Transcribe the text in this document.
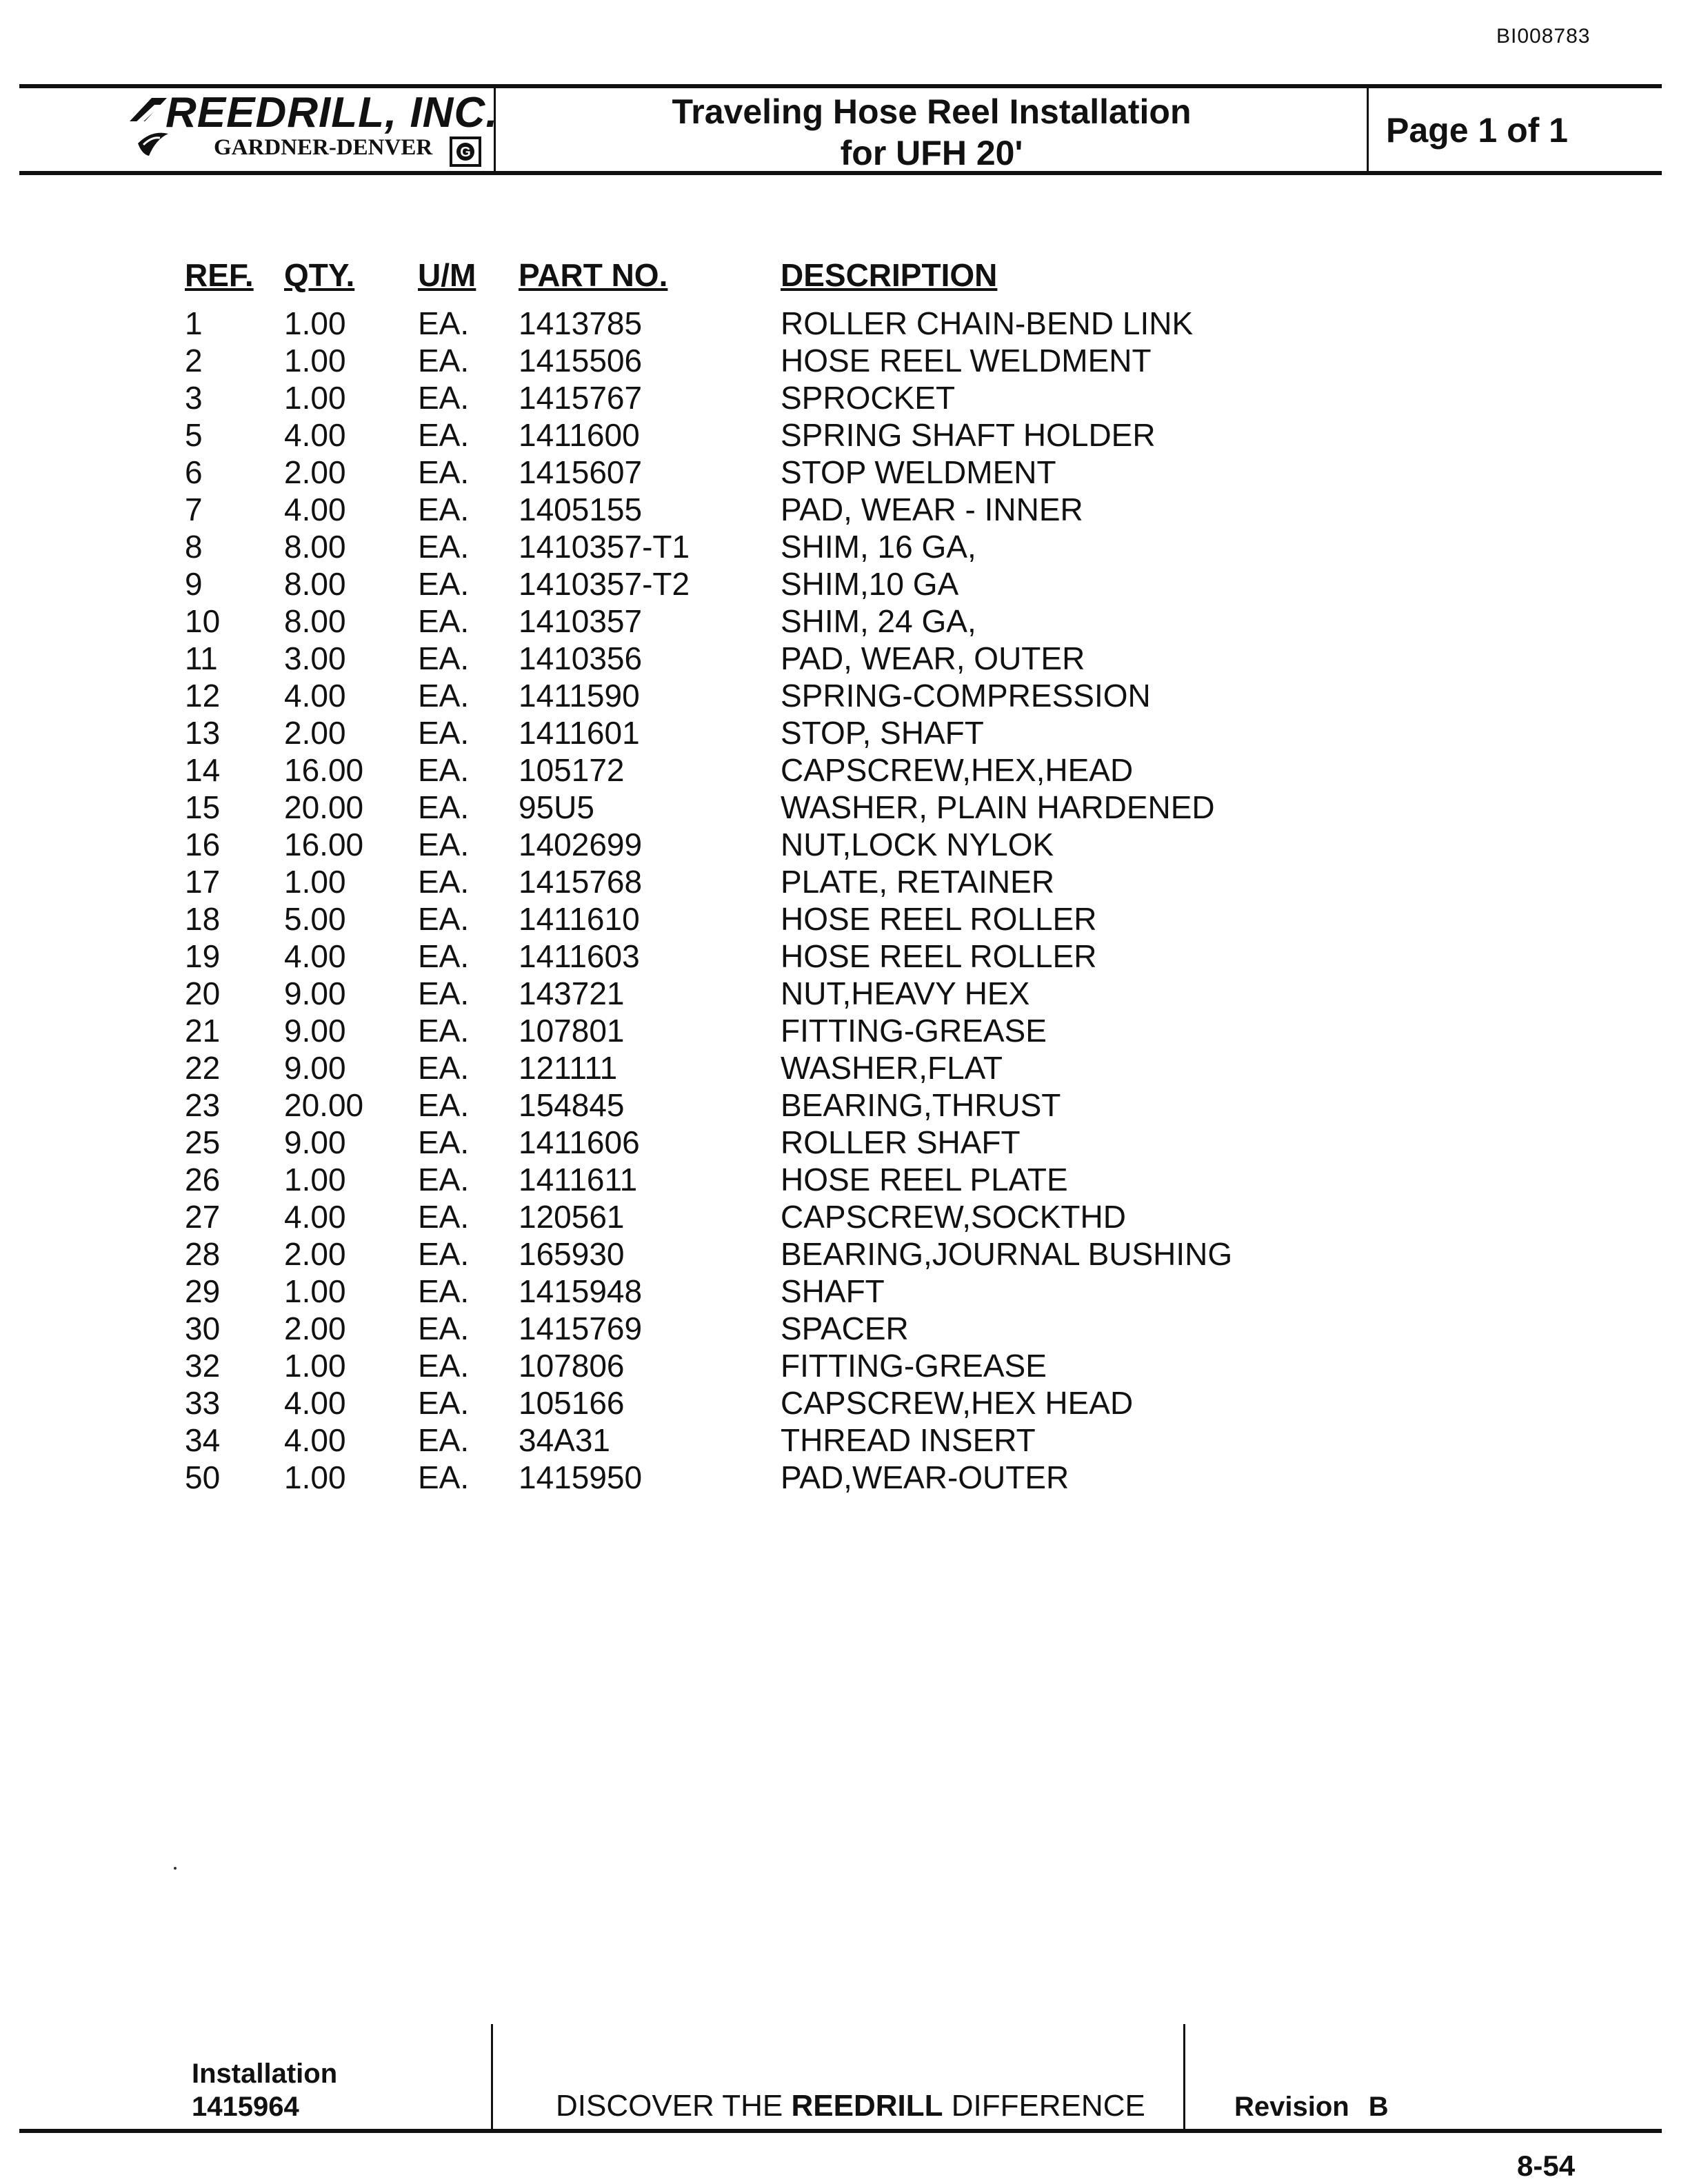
BI008783
REEDRILL, INC.
GARDNER-DENVER G
Traveling Hose Reel Installation
for UFH 20'
Page 1 of 1
REF.	QTY.	U/M	PART NO.	DESCRIPTION
1	1.00	EA.	1413785	ROLLER CHAIN-BEND LINK
2	1.00	EA.	1415506	HOSE REEL WELDMENT
3	1.00	EA.	1415767	SPROCKET
5	4.00	EA.	1411600	SPRING SHAFT HOLDER
6	2.00	EA.	1415607	STOP WELDMENT
7	4.00	EA.	1405155	PAD, WEAR - INNER
8	8.00	EA.	1410357-T1	SHIM, 16 GA,
9	8.00	EA.	1410357-T2	SHIM,10 GA
10	8.00	EA.	1410357	SHIM, 24 GA,
11	3.00	EA.	1410356	PAD, WEAR, OUTER
12	4.00	EA.	1411590	SPRING-COMPRESSION
13	2.00	EA.	1411601	STOP, SHAFT
14	16.00	EA.	105172	CAPSCREW,HEX,HEAD
15	20.00	EA.	95U5	WASHER, PLAIN HARDENED
16	16.00	EA.	1402699	NUT,LOCK NYLOK
17	1.00	EA.	1415768	PLATE, RETAINER
18	5.00	EA.	1411610	HOSE REEL ROLLER
19	4.00	EA.	1411603	HOSE REEL ROLLER
20	9.00	EA.	143721	NUT,HEAVY HEX
21	9.00	EA.	107801	FITTING-GREASE
22	9.00	EA.	121111	WASHER,FLAT
23	20.00	EA.	154845	BEARING,THRUST
25	9.00	EA.	1411606	ROLLER SHAFT
26	1.00	EA.	1411611	HOSE REEL PLATE
27	4.00	EA.	120561	CAPSCREW,SOCKTHD
28	2.00	EA.	165930	BEARING,JOURNAL BUSHING
29	1.00	EA.	1415948	SHAFT
30	2.00	EA.	1415769	SPACER
32	1.00	EA.	107806	FITTING-GREASE
33	4.00	EA.	105166	CAPSCREW,HEX HEAD
34	4.00	EA.	34A31	THREAD INSERT
50	1.00	EA.	1415950	PAD,WEAR-OUTER
Installation
1415964	DISCOVER THE REEDRILL DIFFERENCE	Revision B
8-54
